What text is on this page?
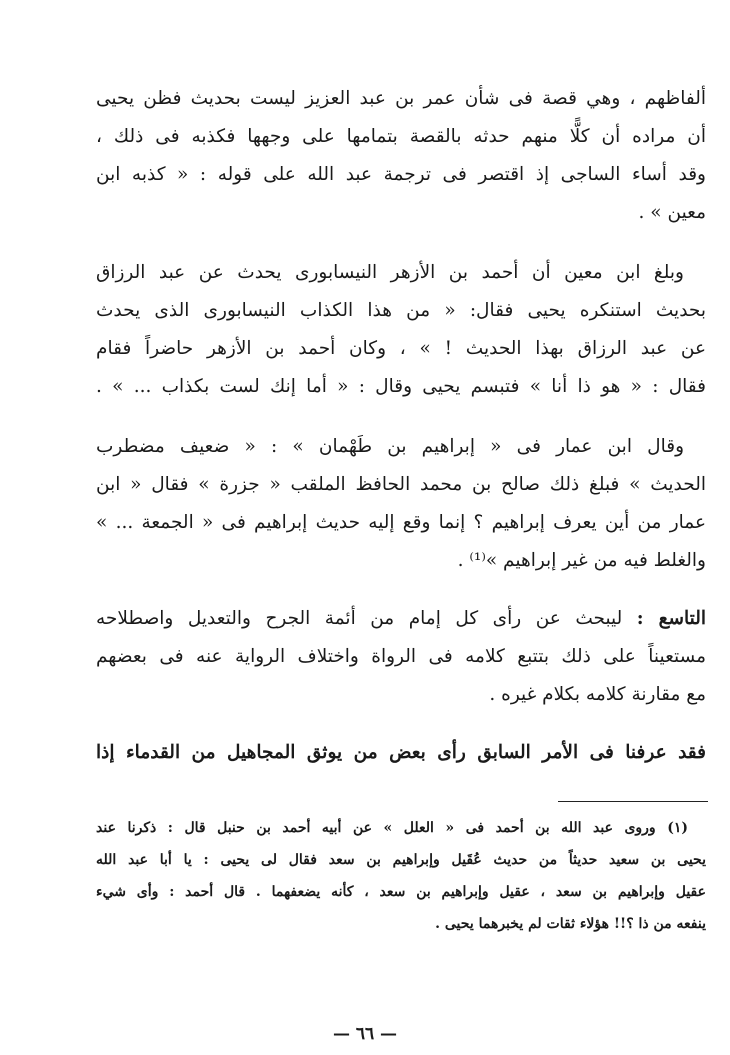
ألفاظهم ، وهي قصة فى شأن عمر بن عبد العزيز ليست بحديث فظن يحيى
أن مراده أن كلًّا منهم حدثه بالقصة بتمامها على وجهها فكذبه فى ذلك ،
وقد أساء الساجى إذ اقتصر فى ترجمة عبد الله على قوله : « كذبه ابن
معين » .
وبلغ ابن معين أن أحمد بن الأزهر النيسابورى يحدث عن عبد الرزاق
بحديث استنكره يحيى فقال: « من هذا الكذاب النيسابورى الذى يحدث
عن عبد الرزاق بهذا الحديث ! » ، وكان أحمد بن الأزهر حاضراً فقام
فقال : « هو ذا أنا » فتبسم يحيى وقال : « أما إنك لست بكذاب ... » .
وقال ابن عمار فى « إبراهيم بن طَهْمان » : « ضعيف مضطرب
الحديث » فبلغ ذلك صالح بن محمد الحافظ الملقب « جزرة » فقال « ابن
عمار من أين يعرف إبراهيم ؟ إنما وقع إليه حديث إبراهيم فى « الجمعة ... »
والغلط فيه من غير إبراهيم »⁽¹⁾ .
التاسع : ليبحث عن رأى كل إمام من أئمة الجرح والتعديل واصطلاحه
مستعيناً على ذلك بتتبع كلامه فى الرواة واختلاف الرواية عنه فى بعضهم
مع مقارنة كلامه بكلام غيره .
فقد عرفنا فى الأمر السابق رأى بعض من يوثق المجاهيل من القدماء إذا
(١) وروى عبد الله بن أحمد فى « العلل » عن أبيه أحمد بن حنبل قال : ذكرنا عند
يحيى بن سعيد حديثاً من حديث عُقَيل وإبراهيم بن سعد فقال لى يحيى : يا أبا عبد الله
عقيل وإبراهيم بن سعد ، عقيل وإبراهيم بن سعد ، كأنه يضعفهما . قال أحمد : وأى شيء
ينفعه من ذا ؟!! هؤلاء ثقات لم يخبرهما يحيى .
— ٦٦ —
